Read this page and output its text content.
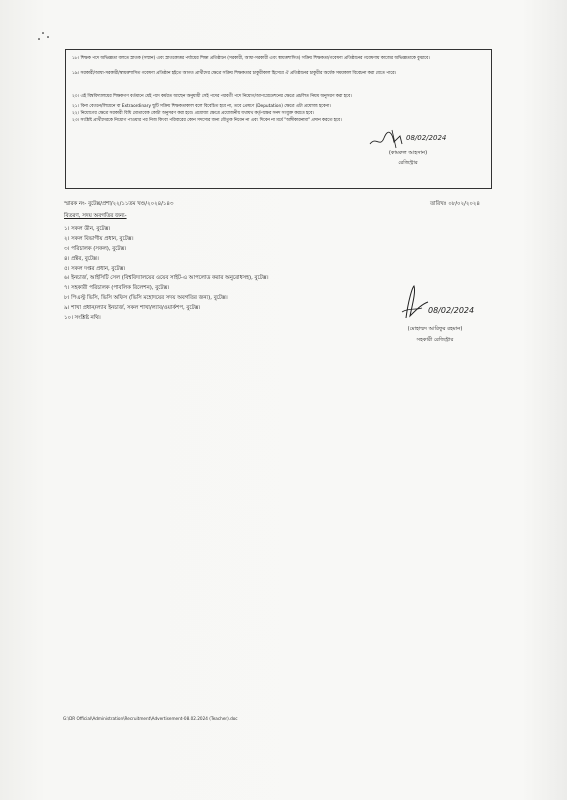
১৮। শিক্ষক পদে অভিজ্ঞতা বলতে স্নাতক (সম্মান) এবং স্নাতকোত্তর পর্যায়ের শিক্ষা প্রতিষ্ঠানে (সরকারী, আধা-সরকারী এবং স্বায়ত্তশাসিত) সক্রিয় শিক্ষকতা/গবেষণা প্রতিষ্ঠানের গবেষণায় কাজের অভিজ্ঞতাকে বুঝাবে।
১৯। সরকারী/আধা-সরকারী/স্বায়ত্তশাসিত গবেষণা প্রতিষ্ঠান হইতে আগত প্রার্থীদের ক্ষেত্রে সক্রিয় শিক্ষকতার চাকুরীকাল হিসেবে ঐ প্রতিষ্ঠানের চাকুরীর অর্ধেক সময়কাল বিবেচনা করা যেতে পারে।
২০। এই বিশ্ববিদ্যালয়ের শিক্ষকগণ বর্তমানে যেই পদে কর্মরত আছেন অনুযায়ী সেই পদের পরবর্তী পদে নিয়োগ/আপগ্রেডেশনের ক্ষেত্রে প্রচলিত নিয়ম অনুসরণ করা হবে।
২১। বিনা বেতনে/লিয়েনে বা Extraordinary ছুটি সক্রিয় শিক্ষকতাকাল বলে বিবেচিত হবে না, তবে প্রেষণে (Deputation) ক্ষেত্রে এটা প্রযোজ্য হবেনা।
২২। নিয়োগের ক্ষেত্রে সরকারী বিধি মোতাবেক কোটা অনুসরণ করা হবে। প্রযোজ্য ক্ষেত্রে প্রয়োজনীয় যথাযথ কর্তৃপক্ষের সনদ সংযুক্ত করতে হবে।
২৩। সংশ্লিষ্ট প্রার্থীদেরকে নিয়োগ পাওয়ার পর নিজ কিংবা পরিবারের কোন সদস্যের জন্য যৌতুক নিবেন না এবং দিবেন না মর্মে "অঙ্গীকারনামা" প্রদান করতে হবে।
08/02/2024
(কামরুল আহসান)
রেজিস্ট্রার
স্মারক নং- বুটেক্স/প্রশা/২২/১১তম খণ্ড/২০২৪/১৪৩	তারিখঃ ০৮/০২/২০২৪
বিতরণ, সদয় অবগতির জন্য-
১। সকল ডীন, বুটেক্স।
২। সকল বিভাগীয় প্রধান, বুটেক্স।
৩। পরিচালক (সকল), বুটেক্স।
৪। প্রক্টর, বুটেক্স।
৫। সকল দপ্তর প্রধান, বুটেক্স।
৬। ইনচার্জ, আইসিটি সেল (বিশ্ববিদ্যালয়ের ওয়েব সাইট-এ আপলোড করার অনুরোধসহ), বুটেক্স।
৭। সহকারী পরিচালক (পাবলিক রিলেশন), বুটেক্স।
৮। পিএস্টু ভিসি, ভিসি অফিস (ভিসি মহোদয়ের সদয় অবগতির জন্য), বুটেক্স।
৯। শাখা প্রধান/ল্যাব ইনচার্জ, সকল শাখা/ল্যাব/ওয়ার্কশপ, বুটেক্স।
১০। সংশ্লিষ্ট নথি।
08/02/2024
(মোহাম্মদ আরিফুর রহমান)
সহকারী রেজিস্ট্রার
G:\DR Official\Administration\Recruitment\Advertisement-08.02.2024 (Teacher).doc
